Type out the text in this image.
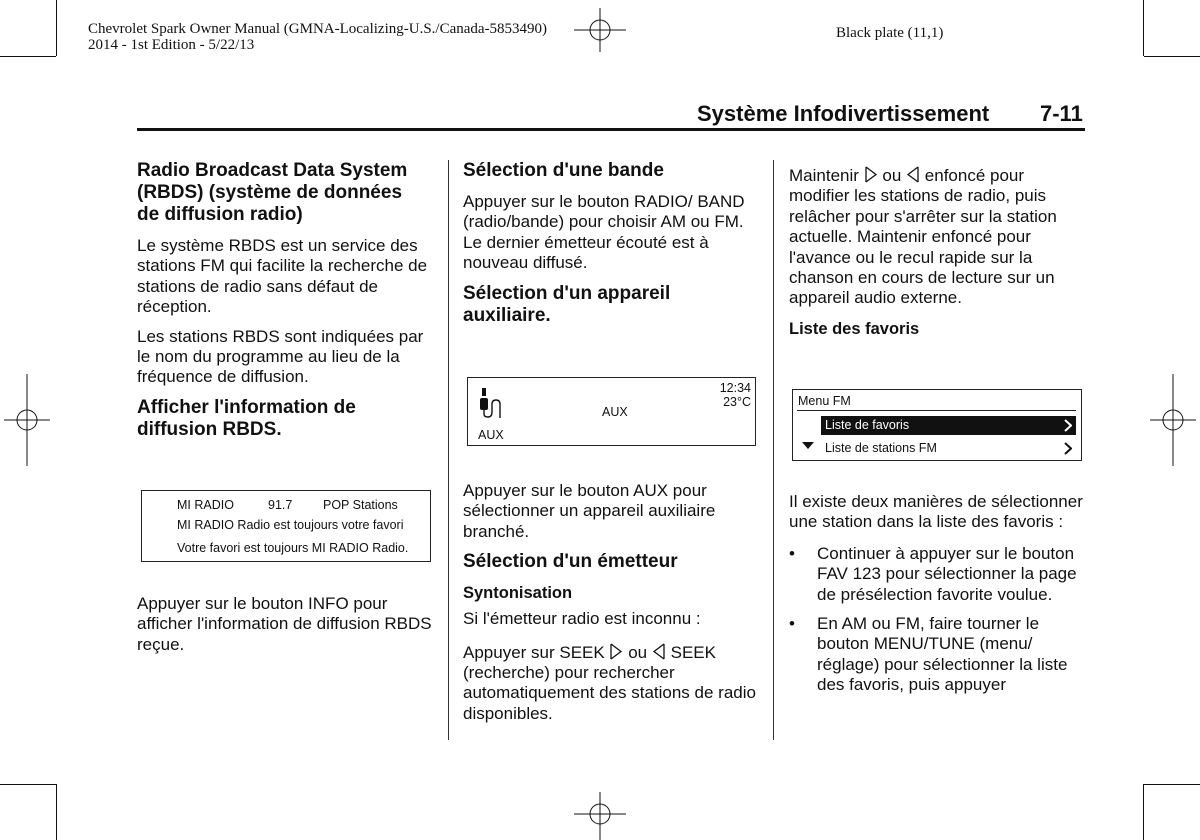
Chevrolet Spark Owner Manual (GMNA-Localizing-U.S./Canada-5853490)
2014 - 1st Edition - 5/22/13
Black plate (11,1)
Système Infodivertissement 7-11
Radio Broadcast Data System (RBDS) (système de données de diffusion radio)

Le système RBDS est un service des stations FM qui facilite la recherche de stations de radio sans défaut de réception.

Les stations RBDS sont indiquées par le nom du programme au lieu de la fréquence de diffusion.

Afficher l'information de diffusion RBDS.
MI RADIO	91.7 POP Stations
MI RADIO Radio est toujours votre favori
Votre favori est toujours MI RADIO Radio.

Appuyer sur le bouton INFO pour afficher l'information de diffusion RBDS reçue.

Sélection d'une bande

Appuyer sur le bouton RADIO/ BAND (radio/bande) pour choisir AM ou FM. Le dernier émetteur écouté est à nouveau diffusé.

Sélection d'un appareil auxiliaire.
AUX
12:34
23°C
AUX

Appuyer sur le bouton AUX pour sélectionner un appareil auxiliaire branché.

Sélection d'un émetteur
Syntonisation

Si l'émetteur radio est inconnu :

Appuyer sur SEEK ou SEEK (recherche) pour rechercher automatiquement des stations de radio disponibles.

Maintenir ou enfoncé pour modifier les stations de radio, puis relâcher pour s'arrêter sur la station actuelle. Maintenir enfoncé pour l'avance ou le recul rapide sur la chanson en cours de lecture sur un appareil audio externe.

Liste des favoris
Menu FM
Liste de favoris
Liste de stations FM

Il existe deux manières de sélectionner une station dans la liste des favoris :

• Continuer à appuyer sur le bouton FAV 123 pour sélectionner la page de présélection favorite voulue.
• En AM ou FM, faire tourner le bouton MENU/TUNE (menu/ réglage) pour sélectionner la liste des favoris, puis appuyer
